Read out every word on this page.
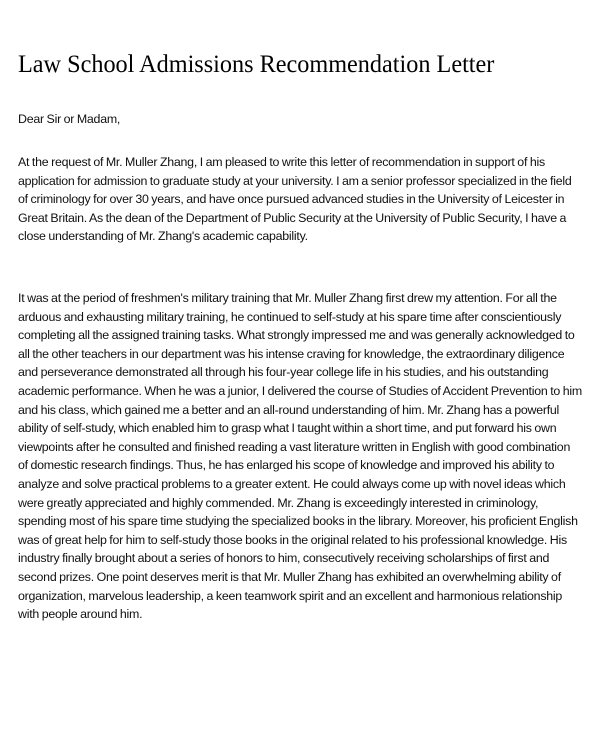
Law School Admissions Recommendation Letter

Dear Sir or Madam,

At the request of Mr. Muller Zhang, I am pleased to write this letter of recommendation in support of his application for admission to graduate study at your university. I am a senior professor specialized in the field of criminology for over 30 years, and have once pursued advanced studies in the University of Leicester in Great Britain. As the dean of the Department of Public Security at the University of Public Security, I have a close understanding of Mr. Zhang's academic capability.

It was at the period of freshmen's military training that Mr. Muller Zhang first drew my attention. For all the arduous and exhausting military training, he continued to self-study at his spare time after conscientiously completing all the assigned training tasks. What strongly impressed me and was generally acknowledged to all the other teachers in our department was his intense craving for knowledge, the extraordinary diligence and perseverance demonstrated all through his four-year college life in his studies, and his outstanding academic performance. When he was a junior, I delivered the course of Studies of Accident Prevention to him and his class, which gained me a better and an all-round understanding of him. Mr. Zhang has a powerful ability of self-study, which enabled him to grasp what I taught within a short time, and put forward his own viewpoints after he consulted and finished reading a vast literature written in English with good combination of domestic research findings. Thus, he has enlarged his scope of knowledge and improved his ability to analyze and solve practical problems to a greater extent. He could always come up with novel ideas which were greatly appreciated and highly commended. Mr. Zhang is exceedingly interested in criminology, spending most of his spare time studying the specialized books in the library. Moreover, his proficient English was of great help for him to self-study those books in the original related to his professional knowledge. His industry finally brought about a series of honors to him, consecutively receiving scholarships of first and second prizes. One point deserves merit is that Mr. Muller Zhang has exhibited an overwhelming ability of organization, marvelous leadership, a keen teamwork spirit and an excellent and harmonious relationship with people around him.
